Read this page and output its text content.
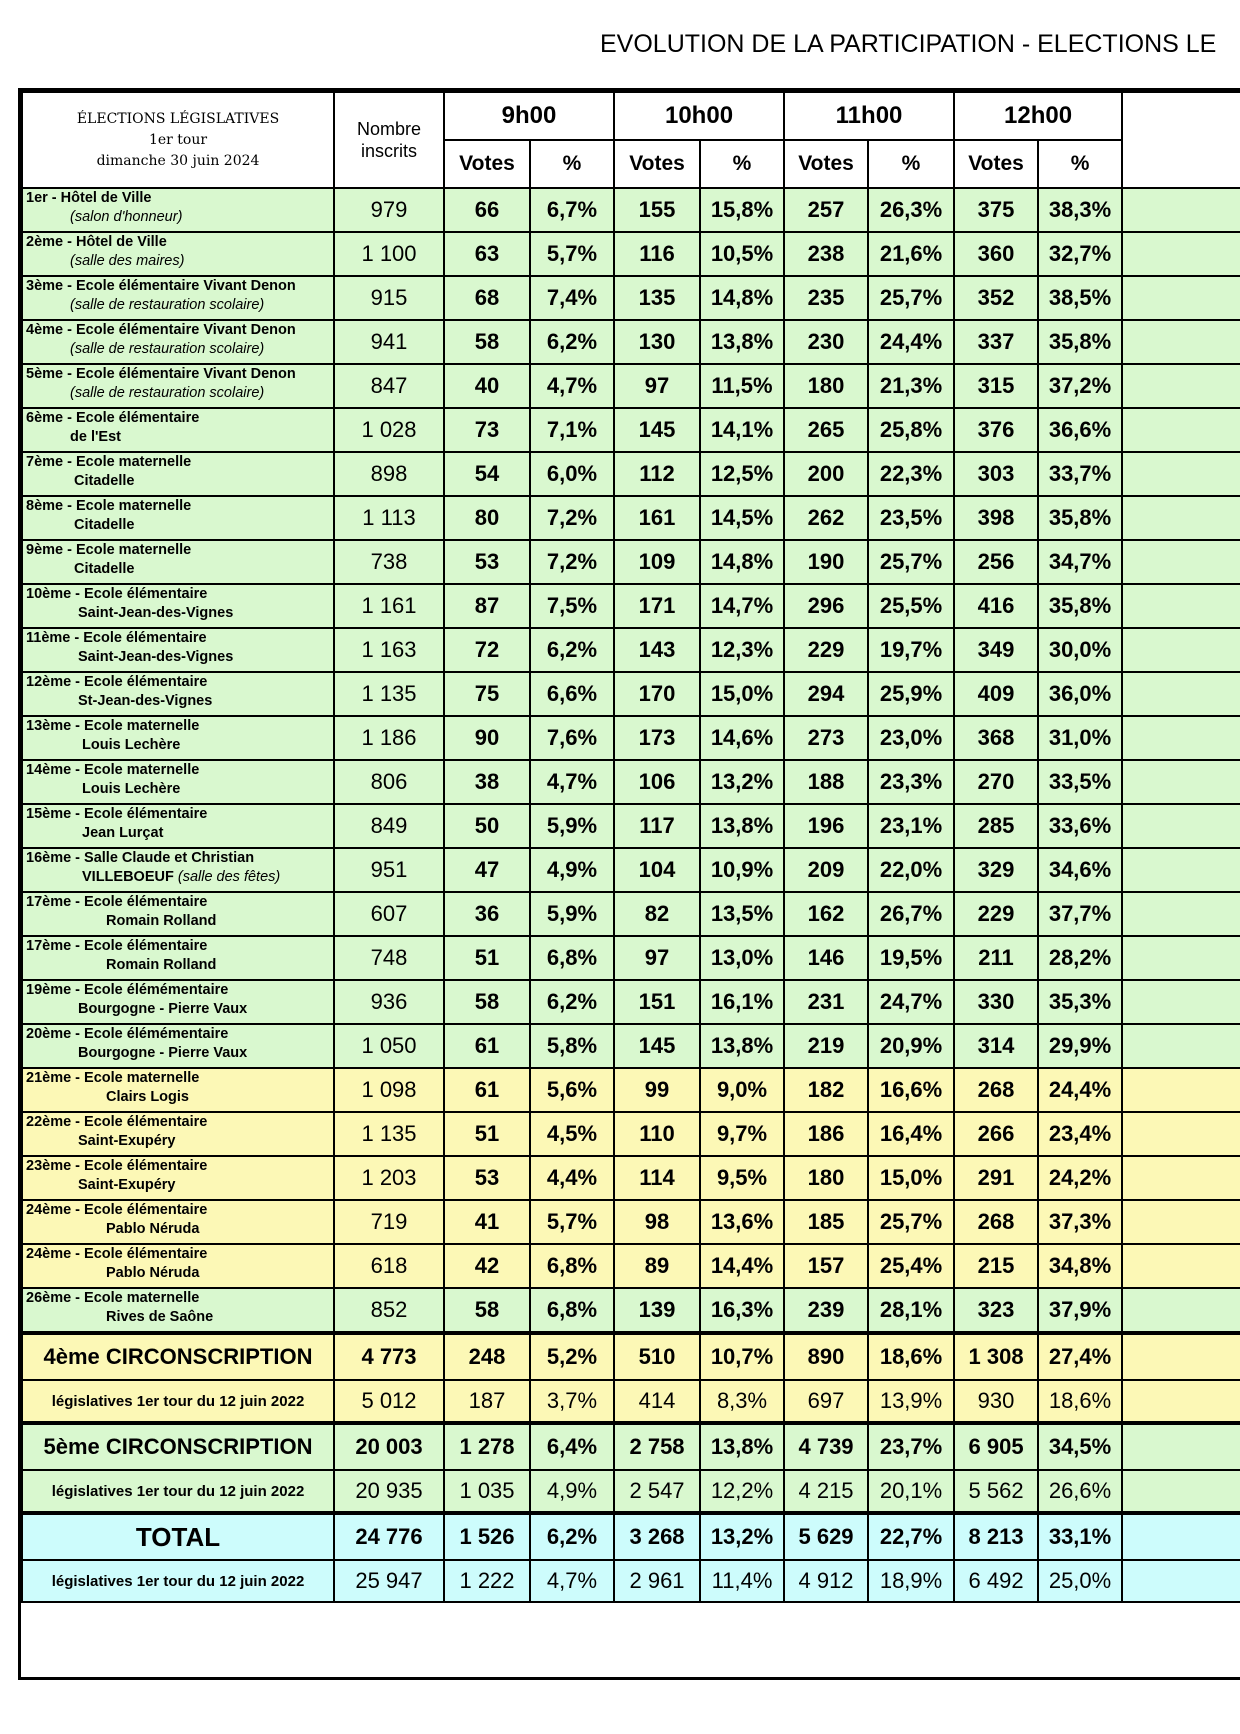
EVOLUTION DE LA PARTICIPATION - ELECTIONS LE
ÉLECTIONS LÉGISLATIVES
1er tour
dimanche 30 juin 2024	Nombre
inscrits	9h00		10h00		11h00		12h00		
		Votes	%	Votes	%	Votes	%	Votes	%	

1er - Hôtel de Ville
(salon d'honneur)	979	66	6,7%	155	15,8%	257	26,3%	375	38,3%	

2ème - Hôtel de Ville
(salle des maires)	1 100	63	5,7%	116	10,5%	238	21,6%	360	32,7%	

3ème - Ecole élémentaire Vivant Denon
(salle de restauration scolaire)	915	68	7,4%	135	14,8%	235	25,7%	352	38,5%	

4ème - Ecole élémentaire Vivant Denon
(salle de restauration scolaire)	941	58	6,2%	130	13,8%	230	24,4%	337	35,8%	

5ème - Ecole élémentaire Vivant Denon
(salle de restauration scolaire)	847	40	4,7%	97	11,5%	180	21,3%	315	37,2%	

6ème - Ecole élémentaire
de l'Est	1 028	73	7,1%	145	14,1%	265	25,8%	376	36,6%	

7ème - Ecole maternelle
Citadelle	898	54	6,0%	112	12,5%	200	22,3%	303	33,7%	

8ème - Ecole maternelle
Citadelle	1 113	80	7,2%	161	14,5%	262	23,5%	398	35,8%	

9ème - Ecole maternelle
Citadelle	738	53	7,2%	109	14,8%	190	25,7%	256	34,7%	

10ème - Ecole élémentaire
Saint-Jean-des-Vignes	1 161	87	7,5%	171	14,7%	296	25,5%	416	35,8%	

11ème - Ecole élémentaire
Saint-Jean-des-Vignes	1 163	72	6,2%	143	12,3%	229	19,7%	349	30,0%	

12ème - Ecole élémentaire
St-Jean-des-Vignes	1 135	75	6,6%	170	15,0%	294	25,9%	409	36,0%	

13ème - Ecole maternelle
Louis Lechère	1 186	90	7,6%	173	14,6%	273	23,0%	368	31,0%	

14ème - Ecole maternelle
Louis Lechère	806	38	4,7%	106	13,2%	188	23,3%	270	33,5%	

15ème - Ecole élémentaire
Jean Lurçat	849	50	5,9%	117	13,8%	196	23,1%	285	33,6%	

16ème - Salle Claude et Christian
VILLEBOEUF (salle des fêtes)	951	47	4,9%	104	10,9%	209	22,0%	329	34,6%	

17ème - Ecole élémentaire
Romain Rolland	607	36	5,9%	82	13,5%	162	26,7%	229	37,7%	

17ème - Ecole élémentaire
Romain Rolland	748	51	6,8%	97	13,0%	146	19,5%	211	28,2%	

19ème - Ecole élémémentaire
Bourgogne - Pierre Vaux	936	58	6,2%	151	16,1%	231	24,7%	330	35,3%	

20ème - Ecole élémémentaire
Bourgogne - Pierre Vaux	1 050	61	5,8%	145	13,8%	219	20,9%	314	29,9%	

21ème - Ecole maternelle
Clairs Logis	1 098	61	5,6%	99	9,0%	182	16,6%	268	24,4%	

22ème - Ecole élémentaire
Saint-Exupéry	1 135	51	4,5%	110	9,7%	186	16,4%	266	23,4%	

23ème - Ecole élémentaire
Saint-Exupéry	1 203	53	4,4%	114	9,5%	180	15,0%	291	24,2%	

24ème - Ecole élémentaire
Pablo Néruda	719	41	5,7%	98	13,6%	185	25,7%	268	37,3%	

24ème - Ecole élémentaire
Pablo Néruda	618	42	6,8%	89	14,4%	157	25,4%	215	34,8%	

26ème - Ecole maternelle
Rives de Saône	852	58	6,8%	139	16,3%	239	28,1%	323	37,9%	
4ème CIRCONSCRIPTION	4 773	248	5,2%	510	10,7%	890	18,6%	1 308	27,4%	
législatives 1er tour du 12 juin 2022	5 012	187	3,7%	414	8,3%	697	13,9%	930	18,6%	
5ème CIRCONSCRIPTION	20 003	1 278	6,4%	2 758	13,8%	4 739	23,7%	6 905	34,5%	
législatives 1er tour du 12 juin 2022	20 935	1 035	4,9%	2 547	12,2%	4 215	20,1%	5 562	26,6%	
TOTAL	24 776	1 526	6,2%	3 268	13,2%	5 629	22,7%	8 213	33,1%	
législatives 1er tour du 12 juin 2022	25 947	1 222	4,7%	2 961	11,4%	4 912	18,9%	6 492	25,0%	
